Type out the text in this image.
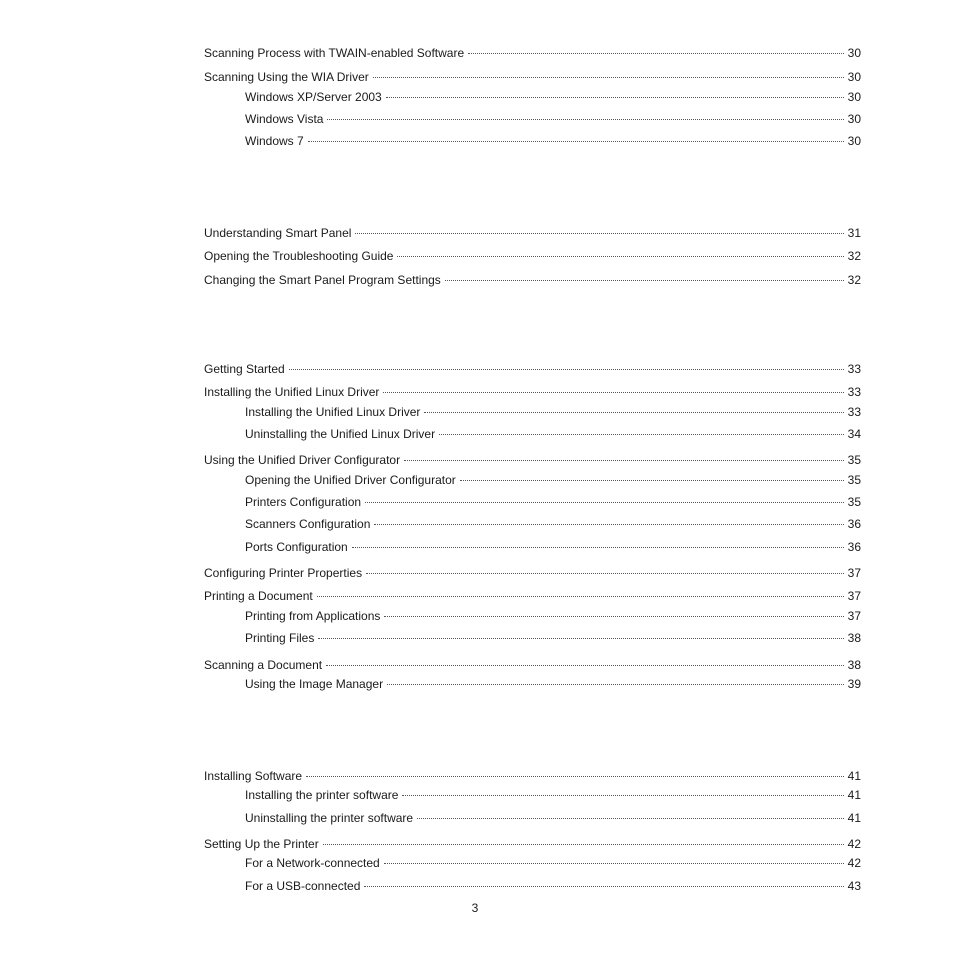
Scanning Process with TWAIN-enabled Software	30
Scanning Using the WIA Driver	30
Windows XP/Server 2003	30
Windows Vista	30
Windows 7	30
Understanding Smart Panel	31
Opening the Troubleshooting Guide	32
Changing the Smart Panel Program Settings	32
Getting Started	33
Installing the Unified Linux Driver	33
Installing the Unified Linux Driver	33
Uninstalling the Unified Linux Driver	34
Using the Unified Driver Configurator	35
Opening the Unified Driver Configurator	35
Printers Configuration	35
Scanners Configuration	36
Ports Configuration	36
Configuring Printer Properties	37
Printing a Document	37
Printing from Applications	37
Printing Files	38
Scanning a Document	38
Using the Image Manager	39
Installing Software	41
Installing the printer software	41
Uninstalling the printer software	41
Setting Up the Printer	42
For a Network-connected	42
For a USB-connected	43
3
